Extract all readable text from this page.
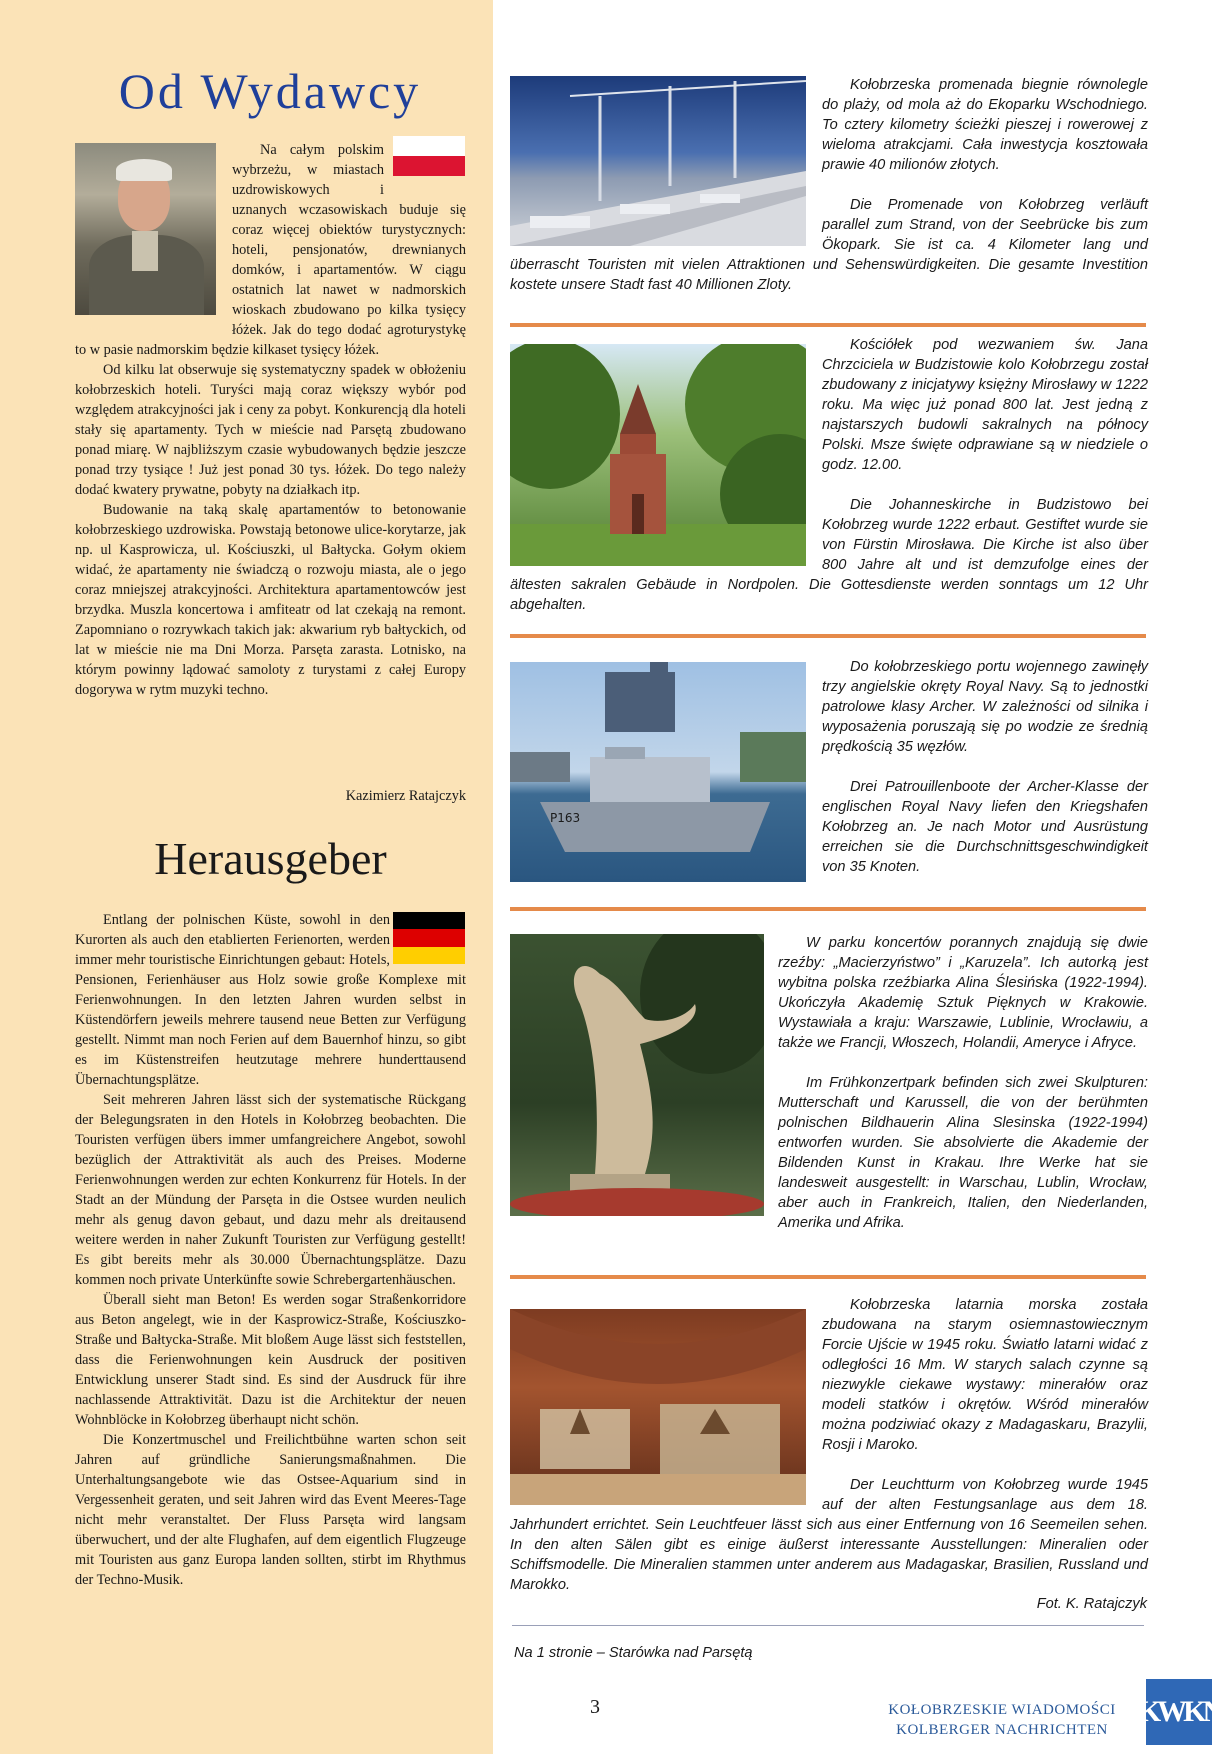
Od Wydawcy

Na całym polskim wybrzeżu, w miastach uzdrowiskowych i uznanych wczasowiskach buduje się coraz więcej obiektów turystycznych: hoteli, pensjonatów, drewnianych domków, i apartamentów. W ciągu ostatnich lat nawet w nadmorskich wioskach zbudowano po kilka tysięcy łóżek. Jak do tego dodać agroturystykę to w pasie nadmorskim będzie kilkaset tysięcy łóżek.

Od kilku lat obserwuje się systematyczny spadek w obłożeniu kołobrzeskich hoteli. Turyści mają coraz większy wybór pod względem atrakcyjności jak i ceny za pobyt. Konkurencją dla hoteli stały się apartamenty. Tych w mieście nad Parsętą zbudowano ponad miarę. W najbliższym czasie wybudowanych będzie jeszcze ponad trzy tysiące ! Już jest ponad 30 tys. łóżek. Do tego należy dodać kwatery prywatne, pobyty na działkach itp.

Budowanie na taką skalę apartamentów to betonowanie kołobrzeskiego uzdrowiska. Powstają betonowe ulice-korytarze, jak np. ul Kasprowicza, ul. Kościuszki, ul Bałtycka. Gołym okiem widać, że apartamenty nie świadczą o rozwoju miasta, ale o jego coraz mniejszej atrakcyjności. Architektura apartamentowców jest brzydka. Muszla koncertowa i amfiteatr od lat czekają na remont. Zapomniano o rozrywkach takich jak: akwarium ryb bałtyckich, od lat w mieście nie ma Dni Morza. Parsęta zarasta. Lotnisko, na którym powinny lądować samoloty z turystami z całej Europy dogorywa w rytm muzyki techno.

Kazimierz Ratajczyk
Herausgeber

Entlang der polnischen Küste, sowohl in den Kurorten als auch den etablierten Ferienorten, werden immer mehr touristische Einrichtungen gebaut: Hotels, Pensionen, Ferienhäuser aus Holz sowie große Komplexe mit Ferienwohnungen. In den letzten Jahren wurden selbst in Küstendörfern jeweils mehrere tausend neue Betten zur Verfügung gestellt. Nimmt man noch Ferien auf dem Bauernhof hinzu, so gibt es im Küstenstreifen heutzutage mehrere hunderttausend Übernachtungsplätze.

Seit mehreren Jahren lässt sich der systematische Rückgang der Belegungsraten in den Hotels in Kołobrzeg beobachten. Die Touristen verfügen übers immer umfangreichere Angebot, sowohl bezüglich der Attraktivität als auch des Preises. Moderne Ferienwohnungen werden zur echten Konkurrenz für Hotels. In der Stadt an der Mündung der Parsęta in die Ostsee wurden neulich mehr als genug davon gebaut, und dazu mehr als dreitausend weitere werden in naher Zukunft Touristen zur Verfügung gestellt! Es gibt bereits mehr als 30.000 Übernachtungsplätze. Dazu kommen noch private Unterkünfte sowie Schrebergartenhäuschen.

Überall sieht man Beton! Es werden sogar Straßenkorridore aus Beton angelegt, wie in der Kasprowicz-Straße, Kościuszko-Straße und Bałtycka-Straße. Mit bloßem Auge lässt sich feststellen, dass die Ferienwohnungen kein Ausdruck der positiven Entwicklung unserer Stadt sind. Es sind der Ausdruck für ihre nachlassende Attraktivität. Dazu ist die Architektur der neuen Wohnblöcke in Kołobrzeg überhaupt nicht schön.

Die Konzertmuschel und Freilichtbühne warten schon seit Jahren auf gründliche Sanierungsmaßnahmen. Die Unterhaltungsangebote wie das Ostsee-Aquarium sind in Vergessenheit geraten, und seit Jahren wird das Event Meeres-Tage nicht mehr veranstaltet. Der Fluss Parsęta wird langsam überwuchert, und der alte Flughafen, auf dem eigentlich Flugzeuge mit Touristen aus ganz Europa landen sollten, stirbt im Rhythmus der Techno-Musik.

Kołobrzeska promenada biegnie równolegle do plaży, od mola aż do Ekoparku Wschodniego. To cztery kilometry ścieżki pieszej i rowerowej z wieloma atrakcjami. Cała inwestycja kosztowała prawie 40 milionów złotych.

Die Promenade von Kołobrzeg verläuft parallel zum Strand, von der Seebrücke bis zum Ökopark. Sie ist ca. 4 Kilometer lang und überrascht Touristen mit vielen Attraktionen und Sehenswürdigkeiten. Die gesamte Investition kostete unsere Stadt fast 40 Millionen Zloty.

Kościółek pod wezwaniem św. Jana Chrzciciela w Budzistowie kolo Kołobrzegu został zbudowany z inicjatywy księżny Mirosławy w 1222 roku. Ma więc już ponad 800 lat. Jest jedną z najstarszych budowli sakralnych na północy Polski. Msze święte odprawiane są w niedziele o godz. 12.00.

Die Johanneskirche in Budzistowo bei Kołobrzeg wurde 1222 erbaut. Gestiftet wurde sie von Fürstin Mirosława. Die Kirche ist also über 800 Jahre alt und ist demzufolge eines der ältesten sakralen Gebäude in Nordpolen. Die Gottesdienste werden sonntags um 12 Uhr abgehalten.

P163

Do kołobrzeskiego portu wojennego zawinęły trzy angielskie okręty Royal Navy. Są to jednostki patrolowe klasy Archer. W zależności od silnika i wyposażenia poruszają się po wodzie ze średnią prędkością 35 węzłów.

Drei Patrouillenboote der Archer-Klasse der englischen Royal Navy liefen den Kriegshafen Kołobrzeg an. Je nach Motor und Ausrüstung erreichen sie die Durchschnittsgeschwindigkeit von 35 Knoten.

W parku koncertów porannych znajdują się dwie rzeźby: „Macierzyństwo” i „Karuzela”. Ich autorką jest wybitna polska rzeźbiarka Alina Ślesińska (1922-1994). Ukończyła Akademię Sztuk Pięknych w Krakowie. Wystawiała a kraju: Warszawie, Lublinie, Wrocławiu, a także we Francji, Włoszech, Holandii, Ameryce i Afryce.

Im Frühkonzertpark befinden sich zwei Skulpturen: Mutterschaft und Karussell, die von der berühmten polnischen Bildhauerin Alina Slesinska (1922-1994) entworfen wurden. Sie absolvierte die Akademie der Bildenden Kunst in Krakau. Ihre Werke hat sie landesweit ausgestellt: in Warschau, Lublin, Wrocław, aber auch in Frankreich, Italien, den Niederlanden, Amerika und Afrika.

Kołobrzeska latarnia morska została zbudowana na starym osiemnastowiecznym Forcie Ujście w 1945 roku. Światło latarni widać z odległości 16 Mm. W starych salach czynne są niezwykle ciekawe wystawy: minerałów oraz modeli statków i okrętów. Wśród minerałów można podziwiać okazy z Madagaskaru, Brazylii, Rosji i Maroko.

Der Leuchtturm von Kołobrzeg wurde 1945 auf der alten Festungsanlage aus dem 18. Jahrhundert errichtet. Sein Leuchtfeuer lässt sich aus einer Entfernung von 16 Seemeilen sehen. In den alten Sälen gibt es einige äußerst interessante Ausstellungen: Mineralien oder Schiffsmodelle. Die Mineralien stammen unter anderem aus Madagaskar, Brasilien, Russland und Marokko.

Fot. K. Ratajczyk
Na 1 stronie – Starówka nad Parsętą
3	KOŁOBRZESKIE WIADOMOŚCI
KOLBERGER NACHRICHTEN
KWKN
